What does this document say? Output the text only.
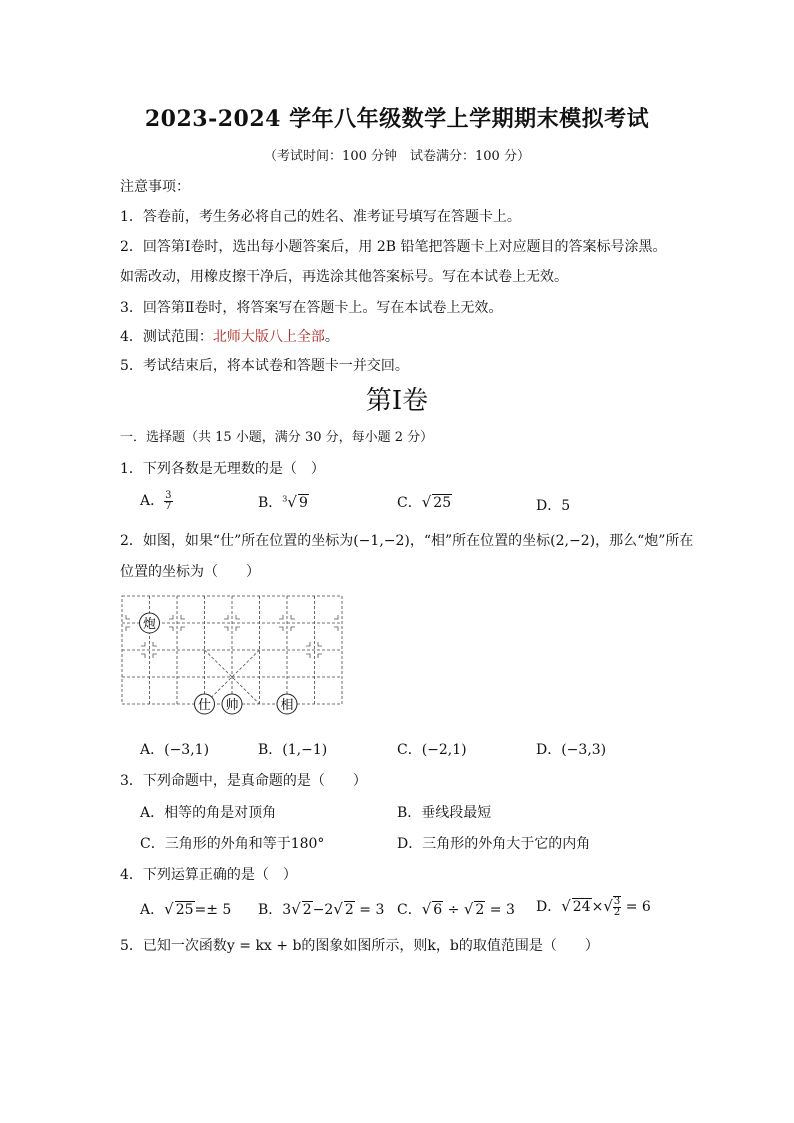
2023-2024 学年八年级数学上学期期末模拟考试
（考试时间：100 分钟　试卷满分：100 分）
注意事项：
1．答卷前，考生务必将自己的姓名、准考证号填写在答题卡上。
2．回答第Ⅰ卷时，选出每小题答案后，用 2B 铅笔把答题卡上对应题目的答案标号涂黑。
如需改动，用橡皮擦干净后，再选涂其他答案标号。写在本试卷上无效。
3．回答第Ⅱ卷时，将答案写在答题卡上。写在本试卷上无效。
4．测试范围：北师大版八上全部。
5．考试结束后，将本试卷和答题卡一并交回。
第Ⅰ卷
一．选择题（共 15 小题，满分 30 分，每小题 2 分）
1．下列各数是无理数的是（　）
A． $\frac{3}{7}$	B．$^3$√ 9	C．√ 25	D．5
2．如图，如果“仕”所在位置的坐标为(−1,−2)，“相”所在位置的坐标(2,−2)，那么“炮”所在
位置的坐标为（　　）
炮
仕 帅	相
A．(−3,1)	B．(1,−1)	C．(−2,1)	D．(−3,3)
3．下列命题中，是真命题的是（　　）
A．相等的角是对顶角	B．垂线段最短
C．三角形的外角和等于180°	D．三角形的外角大于它的内角
4．下列运算正确的是（　）
A．√ 25=± 5 B．3√ 2−2√ 2 = 3 C．√ 6 ÷ √ 2 = 3 D．√ $24\times√ \frac{3}{2} = 6$
5．已知一次函数y = kx + b的图象如图所示，则k，b的取值范围是（　　）
